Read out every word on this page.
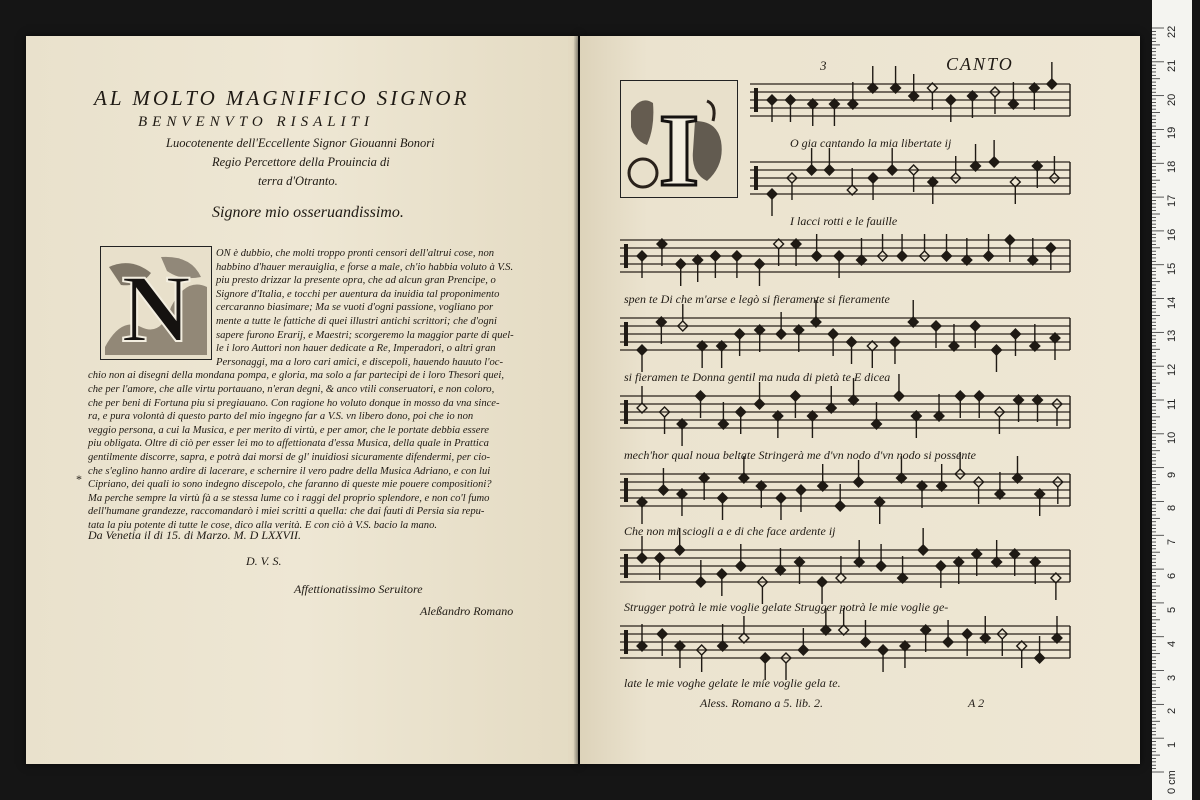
AL MOLTO MAGNIFICO SIGNOR
BENVENVTO RISALITI
Luocotenente dell'Eccellente Signor Giouanni Bonori
Regio Percettore della Prouincia di
terra d'Otranto.
Signore mio osseruandissimo.
N
ON è dubbio, che molti troppo pronti censori dell'altrui cose, non
habbino d'hauer merauiglia, e forse a male, ch'io habbia voluto à V.S.
piu presto drizzar la presente opra, che ad alcun gran Prencipe, o
Signore d'Italia, e tocchi per auentura da inuidia tal proponimento
cercaranno biasimare; Ma se vuoti d'ogni passione, vogliano por
mente a tutte le fattiche di quei illustri antichi scrittori; che d'ogni
sapere furono Erarij, e Maestri; scorgeremo la maggior parte di quel-
le i loro Auttori non hauer dedicate a Re, Imperadori, o altri gran
Personaggi, ma a loro cari amici, e discepoli, hauendo hauuto l'oc-
chio non ai disegni della mondana pompa, e gloria, ma solo a far partecipi de i loro Thesori quei,
che per l'amore, che alle virtu portauano, n'eran degni, & anco vtili conseruatori, e non coloro,
che per beni di Fortuna piu si pregiauano. Con ragione ho voluto donque in mosso da vna since-
ra, e pura volontà di questo parto del mio ingegno far a V.S. vn libero dono, poi che io non
veggio persona, a cui la Musica, e per merito di virtù, e per amor, che le portate debbia essere
piu obligata. Oltre di ciò per esser lei mo to affettionata d'essa Musica, della quale in Prattica
gentilmente discorre, sapra, e potrà dai morsi de gl' inuidiosi sicuramente difendermi, per cio-
che s'eglino hanno ardire di lacerare, e schernire il vero padre della Musica Adriano, e con lui
Cipriano, dei quali io sono indegno discepolo, che faranno di queste mie pouere compositioni?
Ma perche sempre la virtù fà a se stessa lume co i raggi del proprio splendore, e non co'l fumo
dell'humane grandezze, raccomandarò i miei scritti a quella: che dai fauti di Persia sia repu-
tata la piu potente di tutte le cose, dico alla verità. E con ciò à V.S. bacio la mano.
Da Venetia il di 15. di Marzo. M. D LXXVII.
D. V. S.
Affettionatissimo Seruitore
Aleßandro Romano
*
3	CANTO
I	O gia cantando la mia libertate ij
I lacci rotti e le fauille
spen te Di che m'arse e legò si fieramente si fieramente
si fieramen te Donna gentil ma nuda di pietà te E dicea
mech'hor qual noua beltate Stringerà me d'vn nodo d'vn nodo si possente
Che non mi sciogli a e di che face ardente ij
Strugger potrà le mie voglie gelate Strugger potrà le mie voglie ge-
late le mie voghe gelate le mie voglie gela te.
Aless. Romano a 5. lib. 2.	A 2
22
21
20
19
18
17
16
15
14
13
12
11
10
9
8
7
6
5
4
3
2
1
0 cm
